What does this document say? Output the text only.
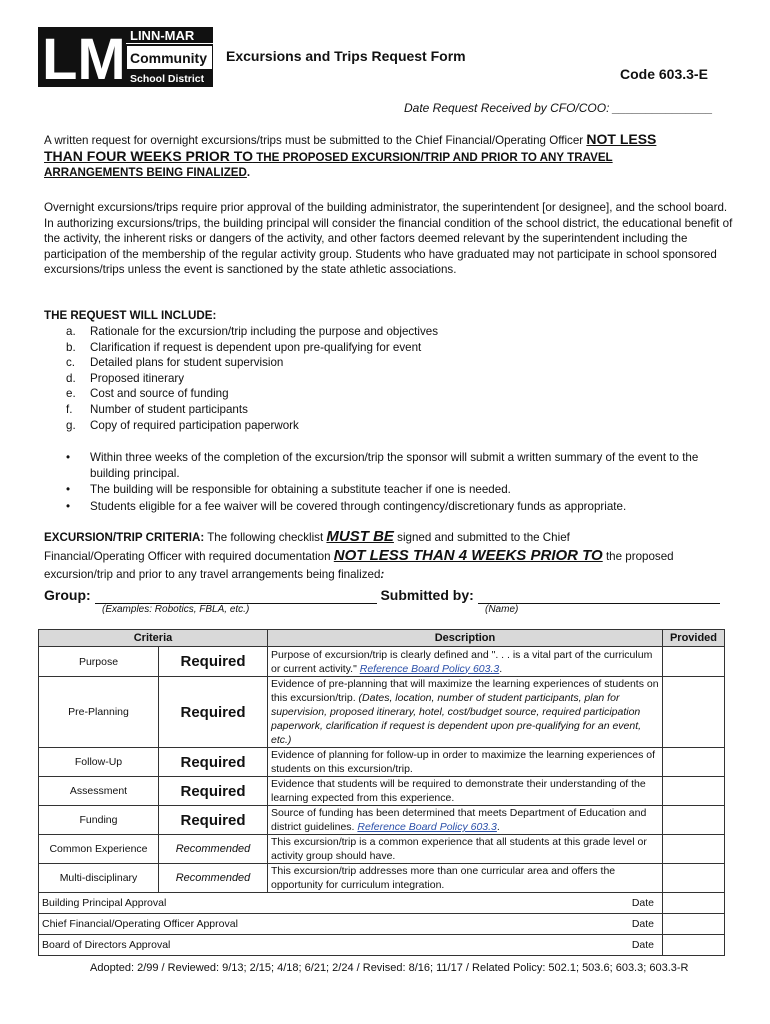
LM LINN-MAR
Community
School District
Excursions and Trips Request Form
Code 603.3-E
Date Request Received by CFO/COO: _______________
A written request for overnight excursions/trips must be submitted to the Chief Financial/Operating Officer NOT LESS
THAN FOUR WEEKS PRIOR TO THE PROPOSED EXCURSION/TRIP AND PRIOR TO ANY TRAVEL
ARRANGEMENTS BEING FINALIZED.
Overnight excursions/trips require prior approval of the building administrator, the superintendent [or designee], and the school board. In authorizing excursions/trips, the building principal will consider the financial condition of the school district, the educational benefit of the activity, the inherent risks or dangers of the activity, and other factors deemed relevant by the superintendent including the participation of the membership of the regular activity group. Students who have graduated may not participate in school sponsored excursions/trips unless the event is sanctioned by the state athletic associations.
THE REQUEST WILL INCLUDE:
a.	Rationale for the excursion/trip including the purpose and objectives
b.	Clarification if request is dependent upon pre-qualifying for event
c.	Detailed plans for student supervision
d.	Proposed itinerary
e.	Cost and source of funding
f.	Number of student participants
g.	Copy of required participation paperwork
•	Within three weeks of the completion of the excursion/trip the sponsor will submit a written summary of the event to the building principal.
•	The building will be responsible for obtaining a substitute teacher if one is needed.
•	Students eligible for a fee waiver will be covered through contingency/discretionary funds as appropriate.
EXCURSION/TRIP CRITERIA: The following checklist MUST BE signed and submitted to the Chief
Financial/Operating Officer with required documentation NOT LESS THAN 4 WEEKS PRIOR TO the proposed
excursion/trip and prior to any travel arrangements being finalized:
Group:	Submitted by:
(Examples: Robotics, FBLA, etc.)	(Name)
Criteria		Description	Provided
Purpose	Required	Purpose of excursion/trip is clearly defined and ". . . is a vital part of the curriculum or current activity." Reference Board Policy 603.3.	
Pre-Planning	Required	Evidence of pre-planning that will maximize the learning experiences of students on this excursion/trip. (Dates, location, number of student participants, plan for supervision, proposed itinerary, hotel, cost/budget source, required participation paperwork, clarification if request is dependent upon pre-qualifying for an event, etc.)	
Follow-Up	Required	Evidence of planning for follow-up in order to maximize the learning experiences of students on this excursion/trip.	
Assessment	Required	Evidence that students will be required to demonstrate their understanding of the learning expected from this experience.	
Funding	Required	Source of funding has been determined that meets Department of Education and district guidelines. Reference Board Policy 603.3.	
Common Experience	Recommended	This excursion/trip is a common experience that all students at this grade level or activity group should have.	
Multi-disciplinary	Recommended	This excursion/trip addresses more than one curricular area and offers the opportunity for curriculum integration.	
Building Principal Approval Date			

Chief Financial/Operating Officer Approval Date			

Board of Directors Approval Date			

Adopted: 2/99 / Reviewed: 9/13; 2/15; 4/18; 6/21; 2/24 / Revised: 8/16; 11/17 / Related Policy: 502.1; 503.6; 603.3; 603.3-R
